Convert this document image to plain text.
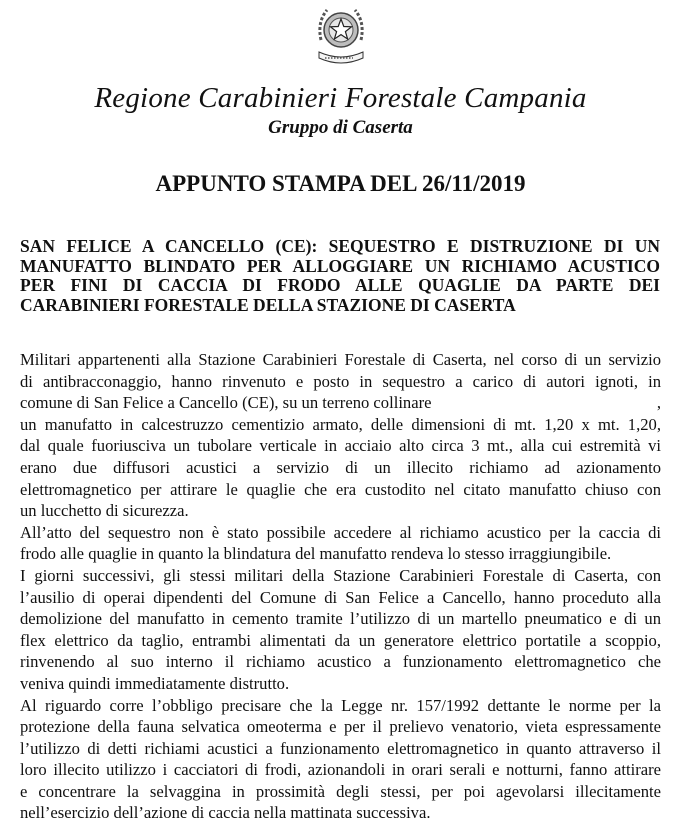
Regione Carabinieri Forestale Campania
Gruppo di Caserta
APPUNTO STAMPA DEL 26/11/2019
SAN FELICE A CANCELLO (CE): SEQUESTRO E DISTRUZIONE DI UN
MANUFATTO BLINDATO PER ALLOGGIARE UN RICHIAMO ACUSTICO
PER FINI DI CACCIA DI FRODO ALLE QUAGLIE DA PARTE DEI
CARABINIERI FORESTALE DELLA STAZIONE DI CASERTA
Militari appartenenti alla Stazione Carabinieri Forestale di Caserta, nel corso di un servizio
di antibracconaggio, hanno rinvenuto e posto in sequestro a carico di autori ignoti, in
comune di San Felice a Cancello (CE), su un terreno collinare	,
un manufatto in calcestruzzo cementizio armato, delle dimensioni di mt. 1,20 x mt. 1,20,
dal quale fuoriusciva un tubolare verticale in acciaio alto circa 3 mt., alla cui estremità vi
erano due diffusori acustici a servizio di un illecito richiamo ad azionamento
elettromagnetico per attirare le quaglie che era custodito nel citato manufatto chiuso con
un lucchetto di sicurezza.
All’atto del sequestro non è stato possibile accedere al richiamo acustico per la caccia di
frodo alle quaglie in quanto la blindatura del manufatto rendeva lo stesso irraggiungibile.
I giorni successivi, gli stessi militari della Stazione Carabinieri Forestale di Caserta, con
l’ausilio di operai dipendenti del Comune di San Felice a Cancello, hanno proceduto alla
demolizione del manufatto in cemento tramite l’utilizzo di un martello pneumatico e di un
flex elettrico da taglio, entrambi alimentati da un generatore elettrico portatile a scoppio,
rinvenendo al suo interno il richiamo acustico a funzionamento elettromagnetico che
veniva quindi immediatamente distrutto.
Al riguardo corre l’obbligo precisare che la Legge nr. 157/1992 dettante le norme per la
protezione della fauna selvatica omeoterma e per il prelievo venatorio, vieta espressamente
l’utilizzo di detti richiami acustici a funzionamento elettromagnetico in quanto attraverso il
loro illecito utilizzo i cacciatori di frodi, azionandoli in orari serali e notturni, fanno attirare
e concentrare la selvaggina in prossimità degli stessi, per poi agevolarsi illecitamente
nell’esercizio dell’azione di caccia nella mattinata successiva.
